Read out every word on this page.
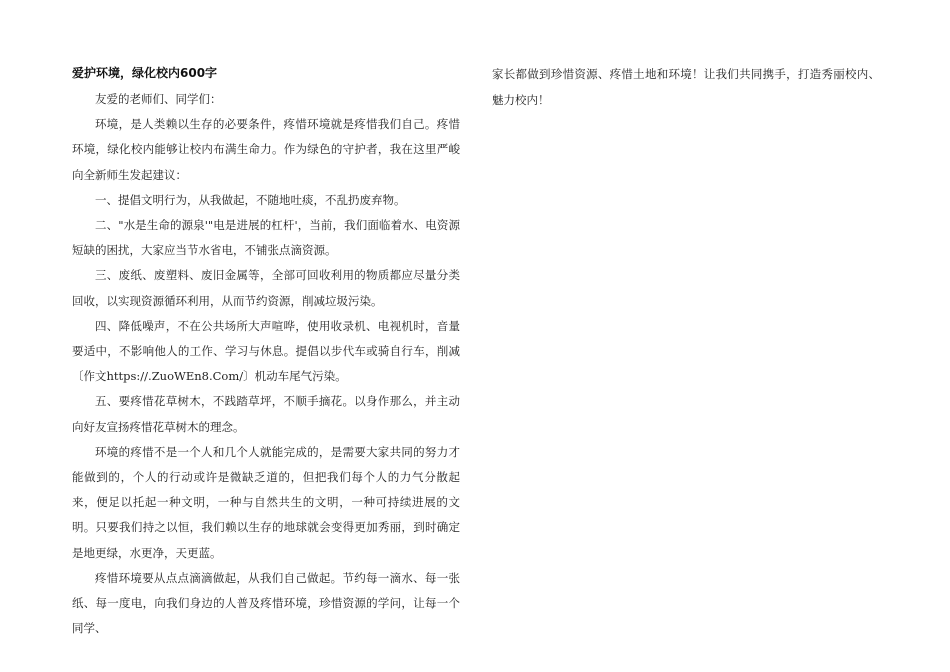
爱护环境，绿化校内600字

友爱的老师们、同学们：

环境，是人类赖以生存的必要条件，疼惜环境就是疼惜我们自己。疼惜环境，绿化校内能够让校内布满生命力。作为绿色的守护者，我在这里严峻 向全新师生发起建议：

一、提倡文明行为，从我做起，不随地吐痰，不乱扔废弃物。

二、"水是生命的源泉'"电是进展的杠杆'，当前，我们面临着水、电资源短缺的困扰，大家应当节水省电，不铺张点滴资源。

三、废纸、废塑料、废旧金属等，全部可回收利用的物质都应尽量分类回收，以实现资源循环利用，从而节约资源，削减垃圾污染。

四、降低噪声，不在公共场所大声喧哗，使用收录机、电视机时，音量要适中，不影响他人的工作、学习与休息。提倡以步代车或骑自行车，削减〔作文https://.ZuoWEn8.Com/〕机动车尾气污染。

五、要疼惜花草树木，不践踏草坪，不顺手摘花。以身作那么，并主动向好友宣扬疼惜花草树木的理念。

环境的疼惜不是一个人和几个人就能完成的，是需要大家共同的努力才能做到的，个人的行动或许是微缺乏道的，但把我们每个人的力气分散起来，便足以托起一种文明，一种与自然共生的文明，一种可持续进展的文明。只要我们持之以恒，我们赖以生存的地球就会变得更加秀丽，到时确定是地更绿，水更净，天更蓝。

疼惜环境要从点点滴滴做起，从我们自己做起。节约每一滴水、每一张纸、每一度电，向我们身边的人普及疼惜环境，珍惜资源的学问，让每一个同学、

家长都做到珍惜资源、疼惜土地和环境！让我们共同携手，打造秀丽校内、魅力校内！
